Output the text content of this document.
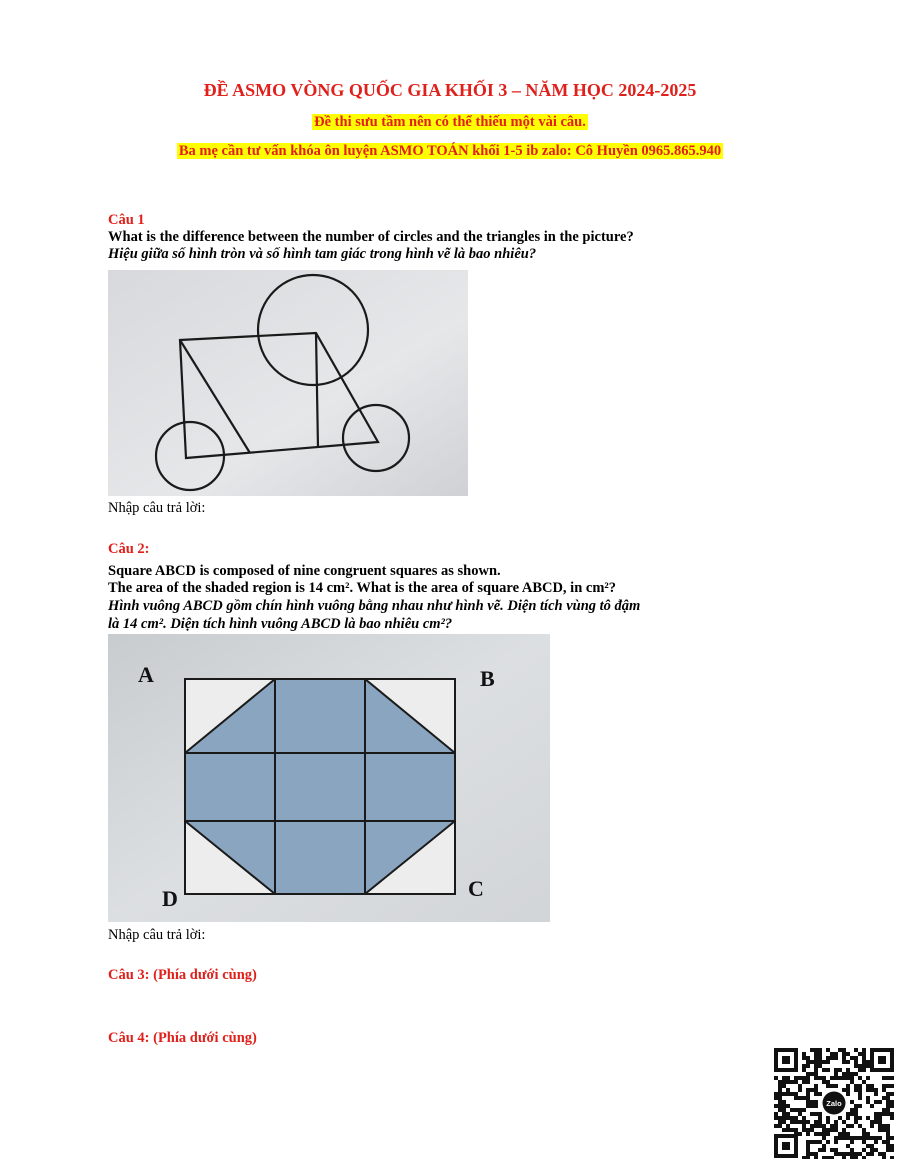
ĐỀ ASMO VÒNG QUỐC GIA KHỐI 3 – NĂM HỌC 2024-2025
Đề thi sưu tầm nên có thể thiếu một vài câu.
Ba mẹ cần tư vấn khóa ôn luyện ASMO TOÁN khối 1-5 ib zalo: Cô Huyền 0965.865.940
Câu 1
What is the difference between the number of circles and the triangles in the picture?
Hiệu giữa số hình tròn và số hình tam giác trong hình vẽ là bao nhiêu?
Nhập câu trả lời:
Câu 2:
Square ABCD is composed of nine congruent squares as shown.
The area of the shaded region is 14 cm². What is the area of square ABCD, in cm²?
Hình vuông ABCD gồm chín hình vuông bằng nhau như hình vẽ. Diện tích vùng tô đậm
là 14 cm². Diện tích hình vuông ABCD là bao nhiêu cm²?
A	B
C
D
Nhập câu trả lời:
Câu 3: (Phía dưới cùng)
Câu 4: (Phía dưới cùng)
Zalo
